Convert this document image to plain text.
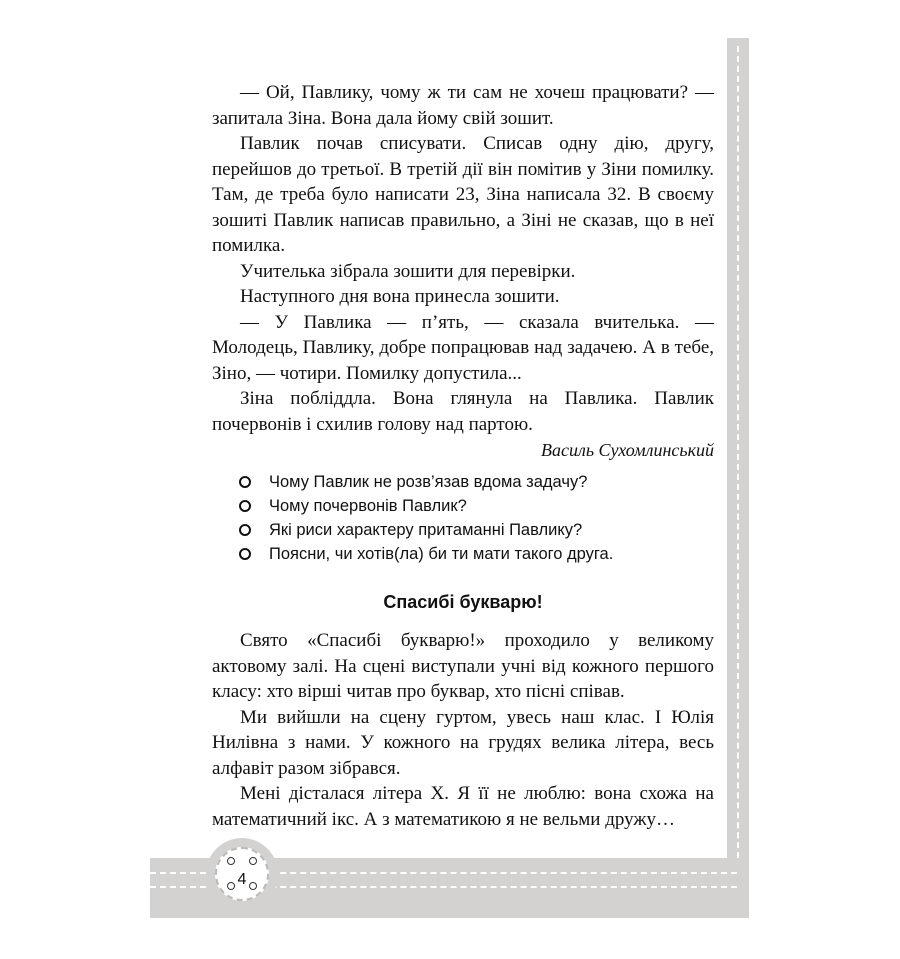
4

— Ой, Павлику, чому ж ти сам не хочеш працювати? — запитала Зіна. Вона дала йому свій зошит.

Павлик почав списувати. Списав одну дію, другу, перейшов до третьої. В третій дії він помітив у Зіни помилку. Там, де треба було написати 23, Зіна написала 32. В своєму зошиті Павлик написав правильно, а Зіні не сказав, що в неї помилка.

Учителька зібрала зошити для перевірки.

Наступного дня вона принесла зошити.

— У Павлика — п’ять, — сказала вчителька. — Молодець, Павлику, добре попрацював над задачею. А в тебе, Зіно, — чотири. Помилку допустила...

Зіна побліддла. Вона глянула на Павлика. Павлик почервонів і схилив голову над партою.

Василь Сухомлинський
Чому Павлик не розв’язав вдома задачу?
Чому почервонів Павлик?
Які риси характеру притаманні Павлику?
Поясни, чи хотів(ла) би ти мати такого друга.
Спасибі букварю!

Свято «Спасибі букварю!» проходило у великому актовому залі. На сцені виступали учні від кожного першого класу: хто вірші читав про буквар, хто пісні співав.

Ми вийшли на сцену гуртом, увесь наш клас. І Юлія Нилівна з нами. У кожного на грудях велика літера, весь алфавіт разом зібрався.

Мені дісталася літера Х. Я її не люблю: вона схожа на математичний ікс. А з математикою я не вельми дружу…
